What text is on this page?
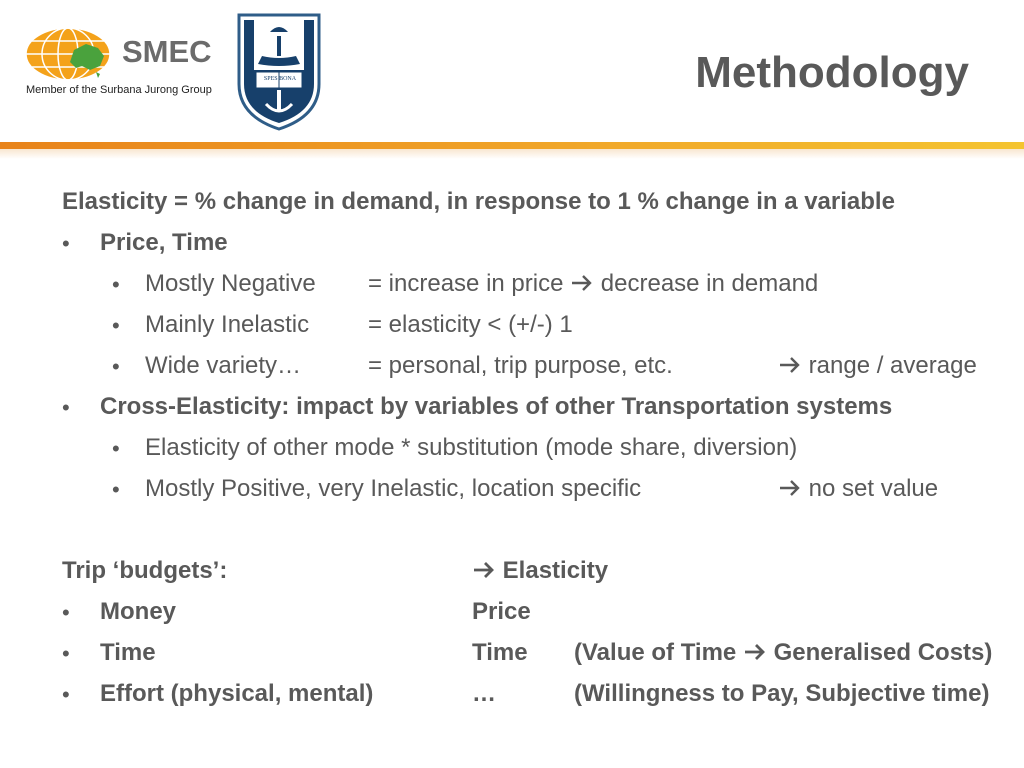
SMEC
Member of the Surbana Jurong Group
SPES BONA	Methodology
Elasticity = % change in demand, in response to 1 % change in a variable
• Price, Time
• Mostly Negative = increase in price decrease in demand
• Mainly Inelastic = elasticity < (+/-) 1
• Wide variety…	= personal, trip purpose, etc.	range / average
• Cross-Elasticity: impact by variables of other Transportation systems
• Elasticity of other mode * substitution (mode share, diversion)
• Mostly Positive, very Inelastic, location specific	no set value
Trip ‘budgets’:	Elasticity
• Money	Price
• Time	Time (Value of Time Generalised Costs)
• Effort (physical, mental)	…	(Willingness to Pay, Subjective time)
